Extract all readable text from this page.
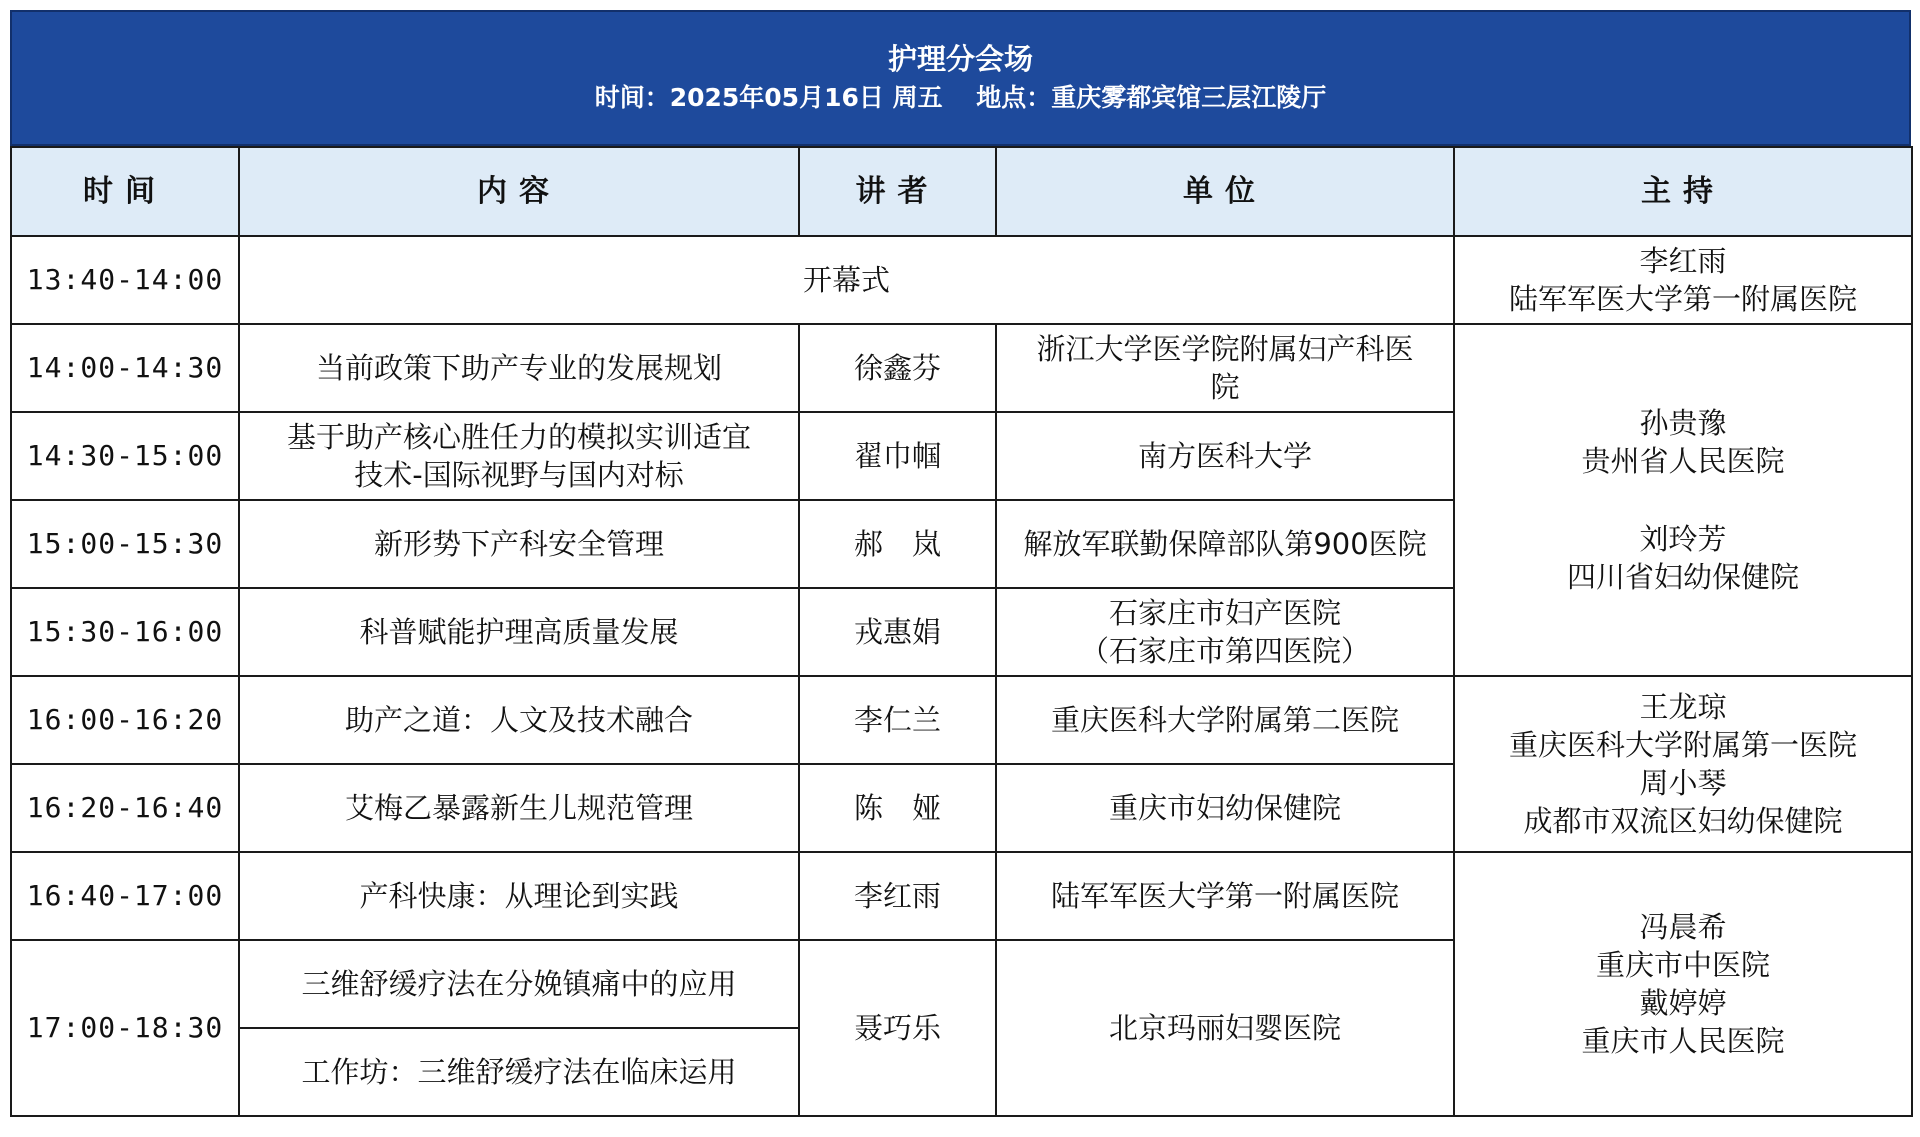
护理分会场
时间：2025年05月16日 周五　 地点：重庆雾都宾馆三层江陵厅
时间	内容	讲者	单位	主持
13:40-14:00	开幕式			李红雨
陆军军医大学第一附属医院

14:00-14:30	当前政策下助产专业的发展规划	徐鑫芬	浙江大学医学院附属妇产科医
院	孙贵豫
贵州省人民医院
刘玲芳
四川省妇幼保健院

14:30-15:00	基于助产核心胜任力的模拟实训适宜
技术-国际视野与国内对标	翟巾帼	南方医科大学	
15:00-15:30	新形势下产科安全管理	郝　岚	解放军联勤保障部队第900医院	
15:30-16:00	科普赋能护理高质量发展	戎惠娟	石家庄市妇产医院
（石家庄市第四医院）	

16:00-16:20	助产之道：人文及技术融合	李仁兰	重庆医科大学附属第二医院	王龙琼
重庆医科大学附属第一医院
周小琴
成都市双流区妇幼保健院

16:20-16:40	艾梅乙暴露新生儿规范管理	陈　娅	重庆市妇幼保健院	
16:40-17:00	产科快康：从理论到实践	李红雨	陆军军医大学第一附属医院	冯晨希
重庆市中医院
戴婷婷
重庆市人民医院

17:00-18:30	三维舒缓疗法在分娩镇痛中的应用	聂巧乐	北京玛丽妇婴医院	
	工作坊：三维舒缓疗法在临床运用			
